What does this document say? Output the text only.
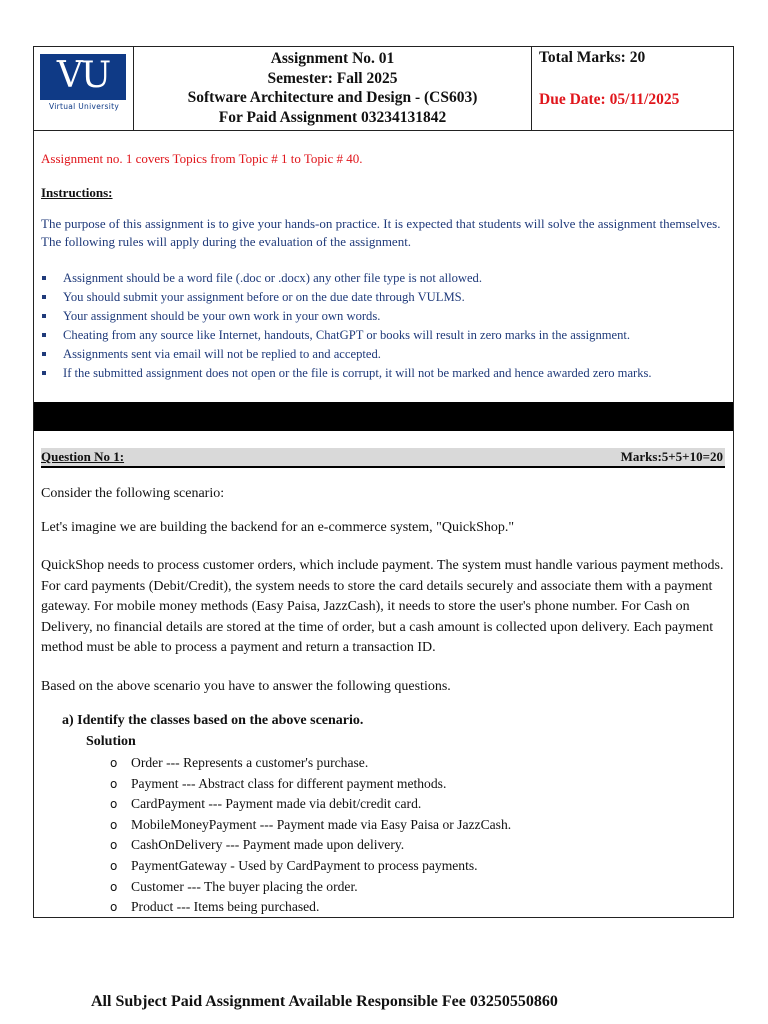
VU
Virtual University
Assignment No. 01
Semester: Fall 2025
Software Architecture and Design - (CS603)
For Paid Assignment 03234131842
Total Marks: 20
Due Date: 05/11/2025
Assignment no. 1 covers Topics from Topic # 1 to Topic # 40.
Instructions:
The purpose of this assignment is to give your hands-on practice. It is expected that students will solve the assignment themselves. The following rules will apply during the evaluation of the assignment.
Assignment should be a word file (.doc or .docx) any other file type is not allowed.
You should submit your assignment before or on the due date through VULMS.
Your assignment should be your own work in your own words.
Cheating from any source like Internet, handouts, ChatGPT or books will result in zero marks in the assignment.
Assignments sent via email will not be replied to and accepted.
If the submitted assignment does not open or the file is corrupt, it will not be marked and hence awarded zero marks.
Question No 1:	Marks:5+5+10=20
Consider the following scenario:
Let's imagine we are building the backend for an e-commerce system, "QuickShop."
QuickShop needs to process customer orders, which include payment. The system must handle various payment methods. For card payments (Debit/Credit), the system needs to store the card details securely and associate them with a payment gateway. For mobile money methods (Easy Paisa, JazzCash), it needs to store the user's phone number. For Cash on Delivery, no financial details are stored at the time of order, but a cash amount is collected upon delivery. Each payment method must be able to process a payment and return a transaction ID.
Based on the above scenario you have to answer the following questions.
a) Identify the classes based on the above scenario.
Solution
o Order --- Represents a customer's purchase.
o Payment --- Abstract class for different payment methods.
o CardPayment --- Payment made via debit/credit card.
o MobileMoneyPayment --- Payment made via Easy Paisa or JazzCash.
o CashOnDelivery --- Payment made upon delivery.
o PaymentGateway - Used by CardPayment to process payments.
o Customer --- The buyer placing the order.
o Product --- Items being purchased.
All Subject Paid Assignment Available Responsible Fee 03250550860
